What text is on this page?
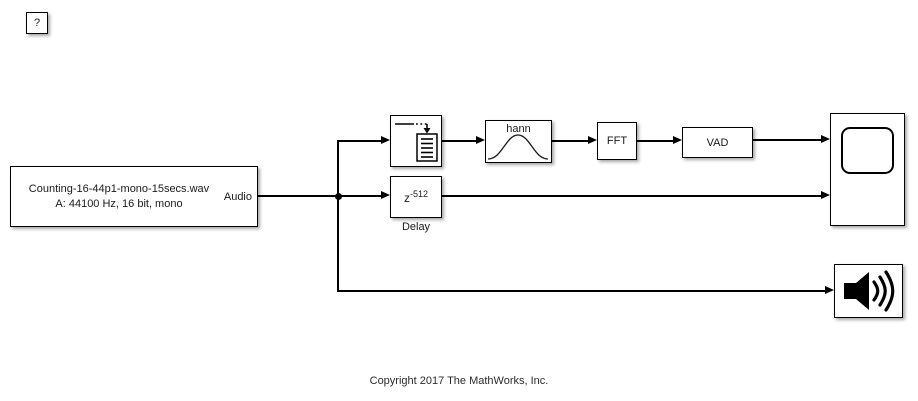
?
Counting-16-44p1-mono-15secs.wav
A: 44100 Hz, 16 bit, mono
Audio
hann
FFT	VAD
$z^{-512}$
Delay
Copyright 2017 The MathWorks, Inc.
